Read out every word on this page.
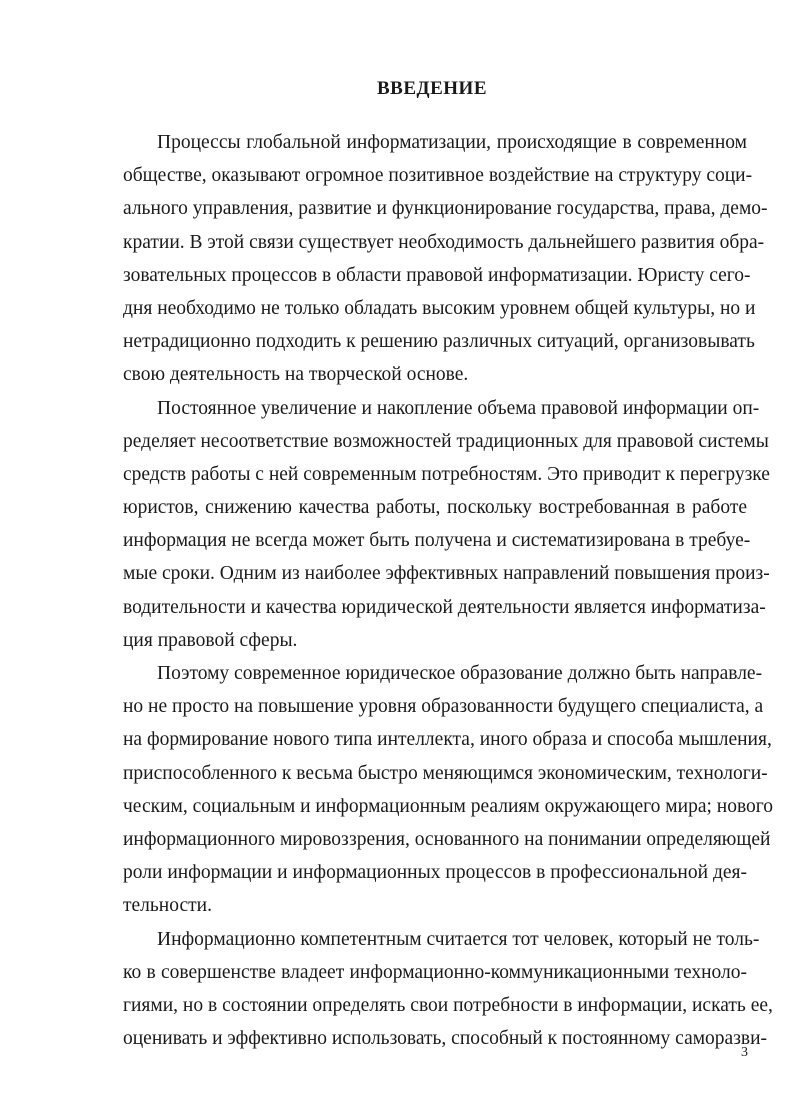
ВВЕДЕНИЕ
Процессы глобальной информатизации, происходящие в современном
обществе, оказывают огромное позитивное воздействие на структуру соци-
ального управления, развитие и функционирование государства, права, демо-
кратии. В этой связи существует необходимость дальнейшего развития обра-
зовательных процессов в области правовой информатизации. Юристу сего-
дня необходимо не только обладать высоким уровнем общей культуры, но и
нетрадиционно подходить к решению различных ситуаций, организовывать
свою деятельность на творческой основе.
Постоянное увеличение и накопление объема правовой информации оп-
ределяет несоответствие возможностей традиционных для правовой системы
средств работы с ней современным потребностям. Это приводит к перегрузке
юристов, снижению качества работы, поскольку востребованная в работе
информация не всегда может быть получена и систематизирована в требуе-
мые сроки. Одним из наиболее эффективных направлений повышения произ-
водительности и качества юридической деятельности является информатиза-
ция правовой сферы.
Поэтому современное юридическое образование должно быть направле-
но не просто на повышение уровня образованности будущего специалиста, а
на формирование нового типа интеллекта, иного образа и способа мышления,
приспособленного к весьма быстро меняющимся экономическим, технологи-
ческим, социальным и информационным реалиям окружающего мира; нового
информационного мировоззрения, основанного на понимании определяющей
роли информации и информационных процессов в профессиональной дея-
тельности.
Информационно компетентным считается тот человек, который не толь-
ко в совершенстве владеет информационно-коммуникационными техноло-
гиями, но в состоянии определять свои потребности в информации, искать ее,
оценивать и эффективно использовать, способный к постоянному саморазви-
3
